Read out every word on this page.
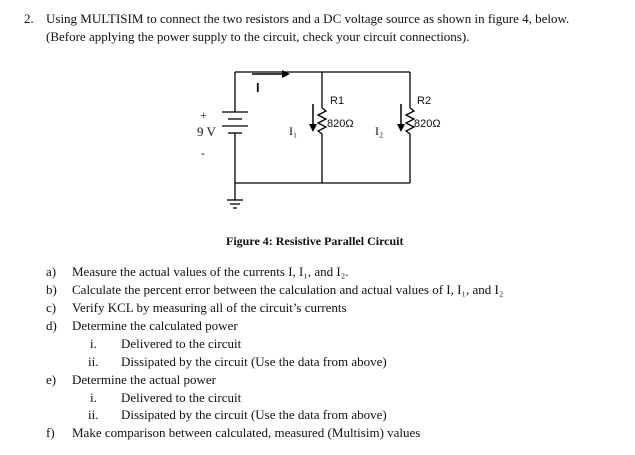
2. Using MULTISIM to connect the two resistors and a DC voltage source as shown in figure 4, below.
(Before applying the power supply to the circuit, check your circuit connections).
I
+
9 V
-
R1
820Ω
I₁
R2
820Ω
I₂
Figure 4: Resistive Parallel Circuit
a) Measure the actual values of the currents I, I₁, and I₂.
b) Calculate the percent error between the calculation and actual values of I, I₁, and I₂
c) Verify KCL by measuring all of the circuit’s currents
d) Determine the calculated power
i. Delivered to the circuit
ii. Dissipated by the circuit (Use the data from above)
e) Determine the actual power
i. Delivered to the circuit
ii. Dissipated by the circuit (Use the data from above)
f) Make comparison between calculated, measured (Multisim) values
